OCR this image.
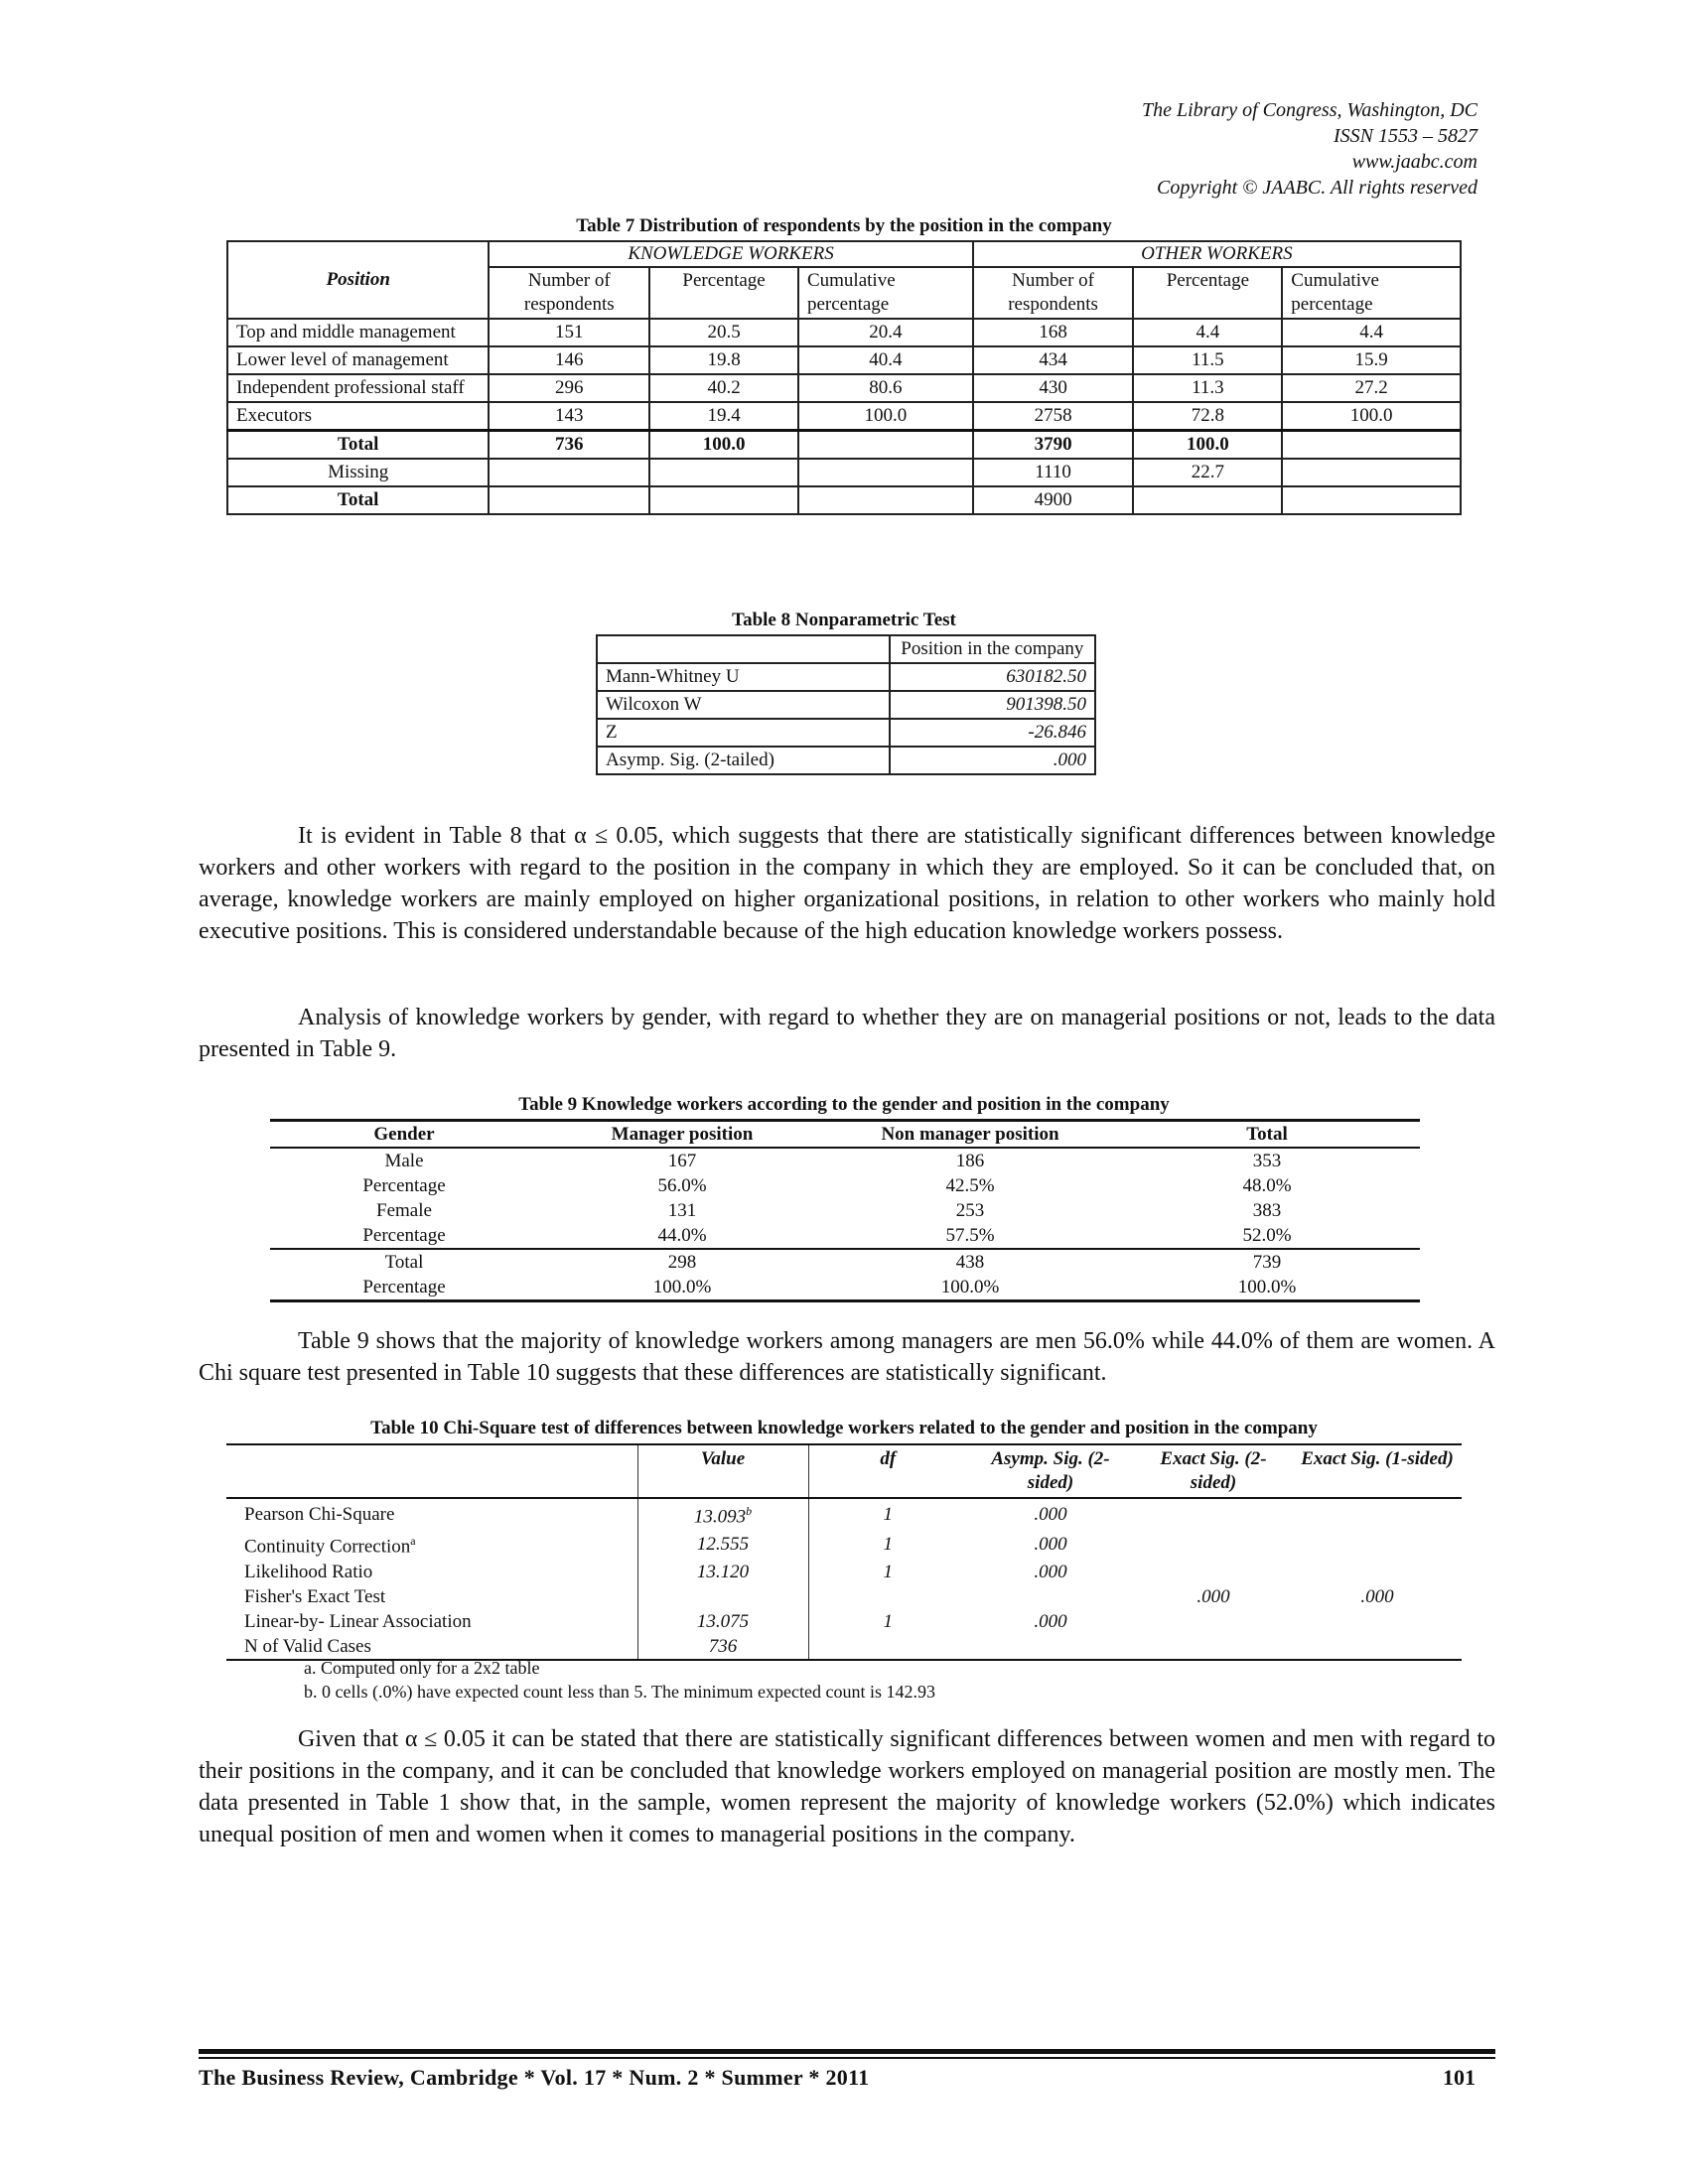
The Library of Congress, Washington, DC
ISSN 1553 – 5827
www.jaabc.com
Copyright © JAABC. All rights reserved
Table 7 Distribution of respondents by the position in the company
Position	KNOWLEDGE WORKERS			OTHER WORKERS		
	Number of respondents	Percentage	Cumulative percentage	Number of respondents	Percentage	Cumulative percentage
Top and middle management	151	20.5	20.4	168	4.4	4.4
Lower level of management	146	19.8	40.4	434	11.5	15.9
Independent professional staff	296	40.2	80.6	430	11.3	27.2
Executors	143	19.4	100.0	2758	72.8	100.0
Total	736	100.0		3790	100.0	
Missing				1110	22.7	
Total				4900		
Table 8 Nonparametric Test
	Position in the company
Mann-Whitney U	630182.50
Wilcoxon W	901398.50
Z	-26.846
Asymp. Sig. (2-tailed)	.000

It is evident in Table 8 that α ≤ 0.05, which suggests that there are statistically significant differences between knowledge workers and other workers with regard to the position in the company in which they are employed. So it can be concluded that, on average, knowledge workers are mainly employed on higher organizational positions, in relation to other workers who mainly hold executive positions. This is considered understandable because of the high education knowledge workers possess.

Analysis of knowledge workers by gender, with regard to whether they are on managerial positions or not, leads to the data presented in Table 9.

Table 9 Knowledge workers according to the gender and position in the company
Gender	Manager position	Non manager position	Total
Male	167	186	353
Percentage	56.0%	42.5%	48.0%
Female	131	253	383
Percentage	44.0%	57.5%	52.0%
Total	298	438	739
Percentage	100.0%	100.0%	100.0%

Table 9 shows that the majority of knowledge workers among managers are men 56.0% while 44.0% of them are women. A Chi square test presented in Table 10 suggests that these differences are statistically significant.

Table 10 Chi-Square test of differences between knowledge workers related to the gender and position in the company
	Value	df	Asymp. Sig. (2-sided)	Exact Sig. (2-sided)	Exact Sig. (1-sided)
Pearson Chi-Square	13.093$^b$	1	.000		
Continuity Correction$^a$	12.555	1	.000		
Likelihood Ratio	13.120	1	.000		
Fisher's Exact Test				.000	.000
Linear-by- Linear Association	13.075	1	.000		
N of Valid Cases	736				
a. Computed only for a 2x2 table
b. 0 cells (.0%) have expected count less than 5. The minimum expected count is 142.93

Given that α ≤ 0.05 it can be stated that there are statistically significant differences between women and men with regard to their positions in the company, and it can be concluded that knowledge workers employed on managerial position are mostly men. The data presented in Table 1 show that, in the sample, women represent the majority of knowledge workers (52.0%) which indicates unequal position of men and women when it comes to managerial positions in the company.

The Business Review, Cambridge * Vol. 17 * Num. 2 * Summer * 2011	101
